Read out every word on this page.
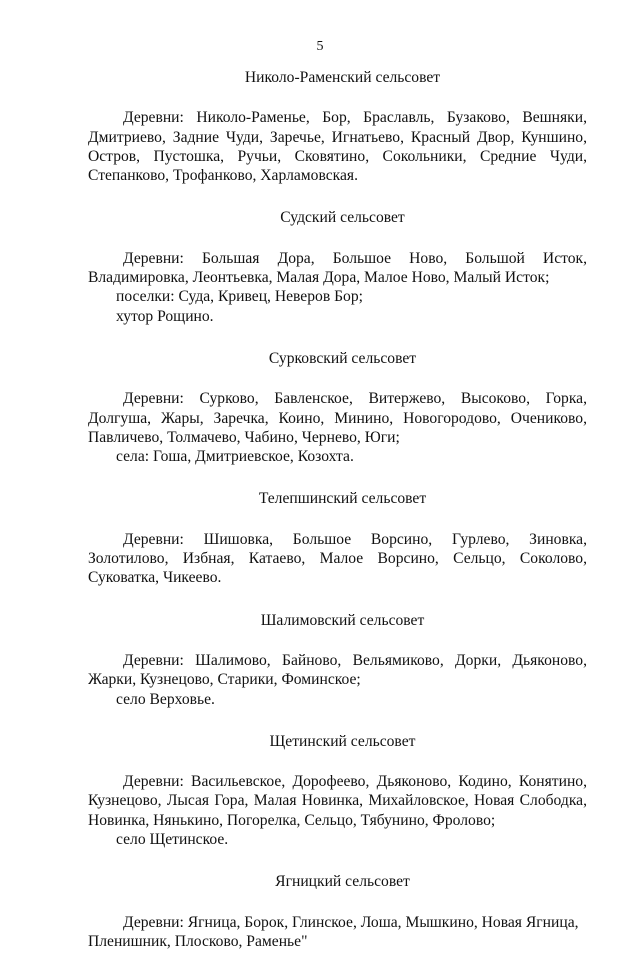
5
Николо-Раменский сельсовет

Деревни: Николо-Раменье, Бор, Браславль, Бузаково, Вешняки, Дмитриево, Задние Чуди, Заречье, Игнатьево, Красный Двор, Куншино, Остров, Пустошка, Ручьи, Сковятино, Сокольники, Средние Чуди, Степанково, Трофанково, Харламовская.

Судский сельсовет

Деревни: Большая Дора, Большое Ново, Большой Исток, Владимировка, Леонтьевка, Малая Дора, Малое Ново, Малый Исток;

поселки: Суда, Кривец, Неверов Бор;

хутор Рощино.

Сурковский сельсовет

Деревни: Сурково, Бавленское, Витержево, Высоково, Горка, Долгуша, Жары, Заречка, Коино, Минино, Новогородово, Очениково, Павличево, Толмачево, Чабино, Чернево, Юги;

села: Гоша, Дмитриевское, Козохта.

Телепшинский сельсовет

Деревни: Шишовка, Большое Ворсино, Гурлево, Зиновка, Золотилово, Избная, Катаево, Малое Ворсино, Сельцо, Соколово, Суковатка, Чикеево.

Шалимовский сельсовет

Деревни: Шалимово, Байново, Вельямиково, Дорки, Дьяконово, Жарки, Кузнецово, Старики, Фоминское;

село Верховье.

Щетинский сельсовет

Деревни: Васильевское, Дорофеево, Дьяконово, Кодино, Конятино, Кузнецово, Лысая Гора, Малая Новинка, Михайловское, Новая Слободка, Новинка, Нянькино, Погорелка, Сельцо, Тябунино, Фролово;

село Щетинское.

Ягницкий сельсовет

Деревни: Ягница, Борок, Глинское, Лоша, Мышкино, Новая Ягница, Пленишник, Плосково, Раменье"
